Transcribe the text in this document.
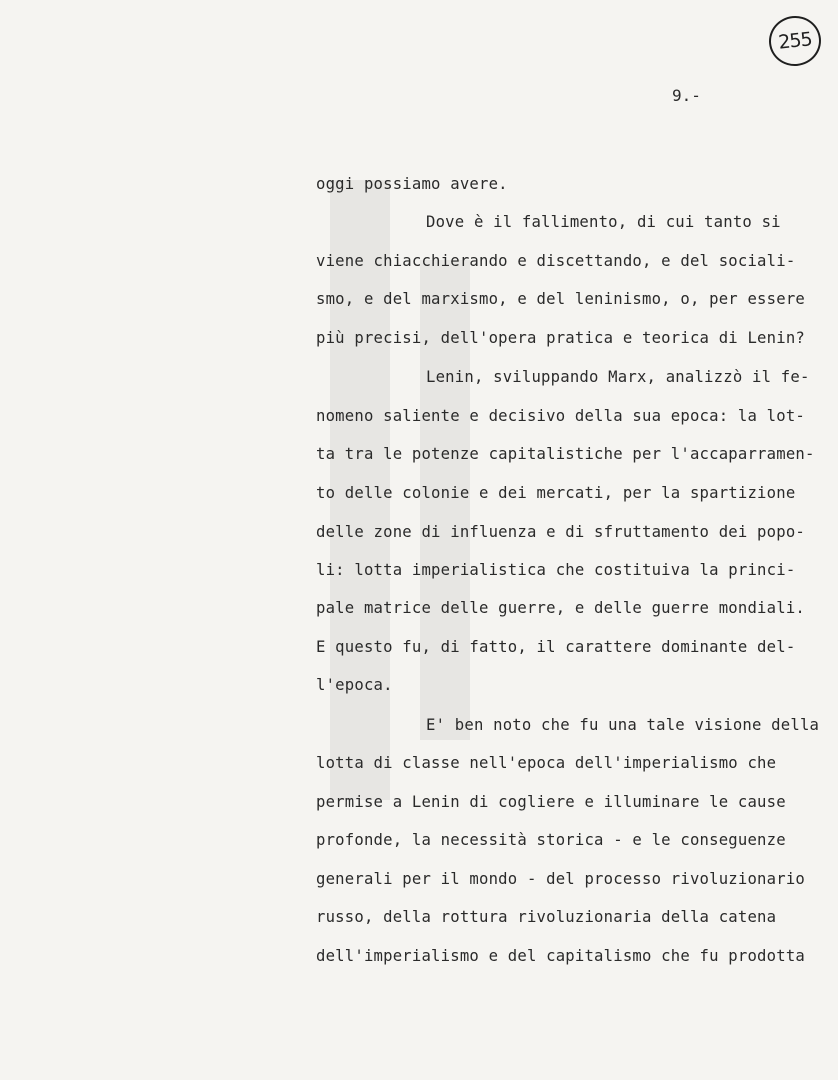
255
9.-
oggi possiamo avere.
Dove è il fallimento, di cui tanto si
viene chiacchierando e discettando, e del sociali-
smo, e del marxismo, e del leninismo, o, per essere
più precisi, dell'opera pratica e teorica di Lenin?
Lenin, sviluppando Marx, analizzò il fe-
nomeno saliente e decisivo della sua epoca: la lot-
ta tra le potenze capitalistiche per l'accaparramen-
to delle colonie e dei mercati, per la spartizione
delle zone di influenza e di sfruttamento dei popo-
li: lotta imperialistica che costituiva la princi-
pale matrice delle guerre, e delle guerre mondiali.
E questo fu, di fatto, il carattere dominante del-
l'epoca.
E' ben noto che fu una tale visione della
lotta di classe nell'epoca dell'imperialismo che
permise a Lenin di cogliere e illuminare le cause
profonde, la necessità storica - e le conseguenze
generali per il mondo - del processo rivoluzionario
russo, della rottura rivoluzionaria della catena
dell'imperialismo e del capitalismo che fu prodotta
